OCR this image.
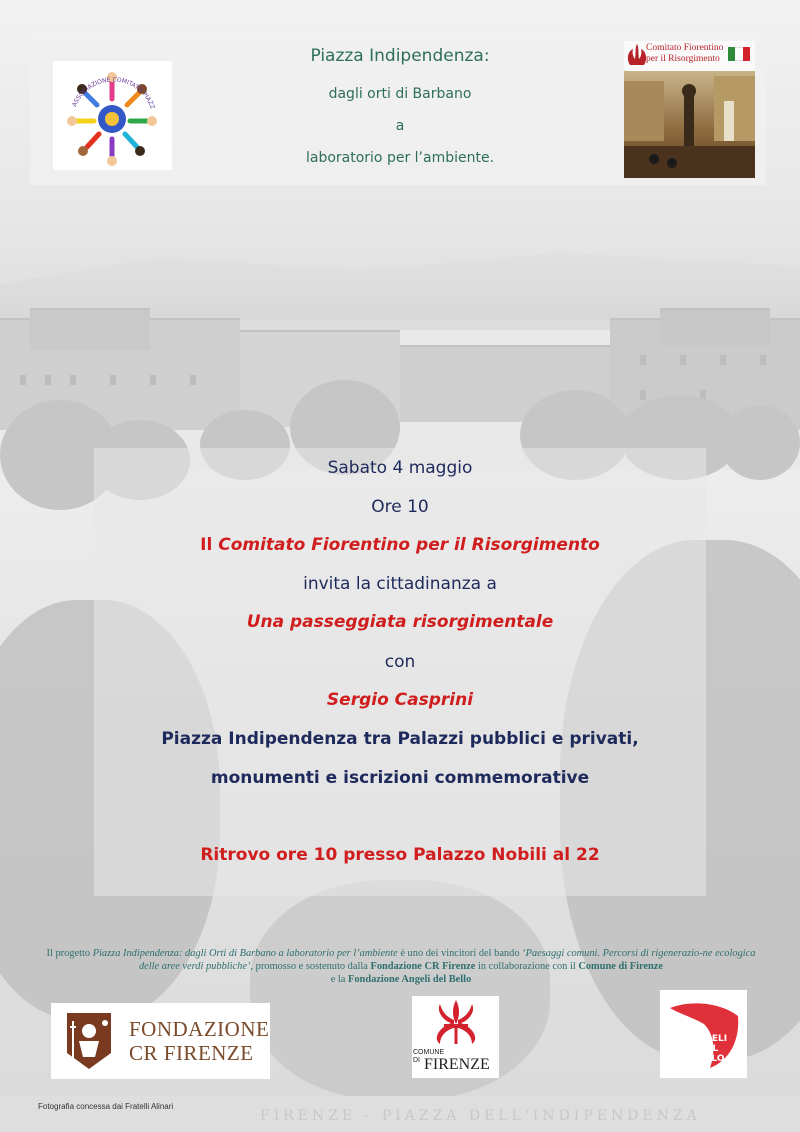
FIRENZE - PIAZZA DELL'INDIPENDENZA
ASSOCIAZIONE COMITATO PIAZZ
Piazza Indipendenza:
dagli orti di Barbano
a
laboratorio per l’ambiente.
Comitato Fiorentino
per il Risorgimento
Sabato 4 maggio
Ore 10
Il Comitato Fiorentino per il Risorgimento
invita la cittadinanza a
Una passeggiata risorgimentale
con
Sergio Casprini
Piazza Indipendenza tra Palazzi pubblici e privati,
monumenti e iscrizioni commemorative
Ritrovo ore 10 presso Palazzo Nobili al 22
Il progetto Piazza Indipendenza: dagli Orti di Barbano a laboratorio per l’ambiente è uno dei vincitori del bando ‘Paesaggi comuni. Percorsi di rigenerazio-ne ecologica delle aree verdi pubbliche’, promosso e sostenuto dalla Fondazione CR Firenze in collaborazione con il Comune di Firenze
e la Fondazione Angeli del Bello
FONDAZIONE
CR FIRENZE	COMUNE
DI FIRENZE
ANGELI
DEL
BELLO
Fotografia concessa dai Fratelli Alinari
